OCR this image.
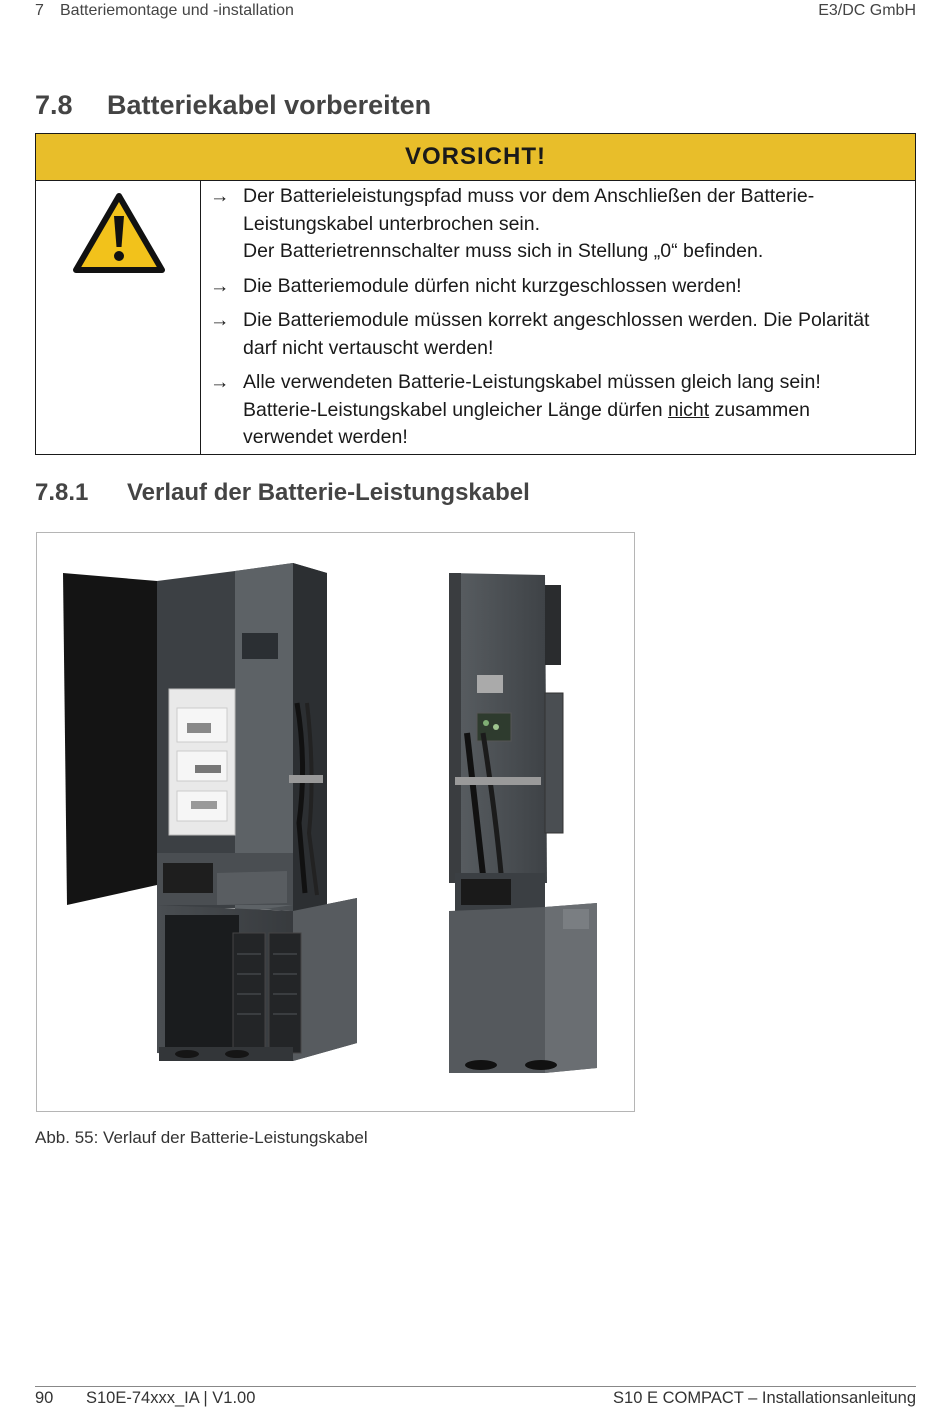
7 Batteriemontage und -installation	E3/DC GmbH
7.8 Batteriekabel vorbereiten
VORSICHT!
→ Der Batterieleistungspfad muss vor dem Anschließen der Batterie-
Leistungskabel unterbrochen sein.
Der Batterietrennschalter muss sich in Stellung „0“ befinden.
→ Die Batteriemodule dürfen nicht kurzgeschlossen werden!
→ Die Batteriemodule müssen korrekt angeschlossen werden. Die Polarität
darf nicht vertauscht werden!
→ Alle verwendeten Batterie-Leistungskabel müssen gleich lang sein!
Batterie-Leistungskabel ungleicher Länge dürfen nicht zusammen
verwendet werden!
7.8.1 Verlauf der Batterie-Leistungskabel
Abb. 55: Verlauf der Batterie-Leistungskabel
90 S10E-74xxx_IA | V1.00	S10 E COMPACT – Installationsanleitung
